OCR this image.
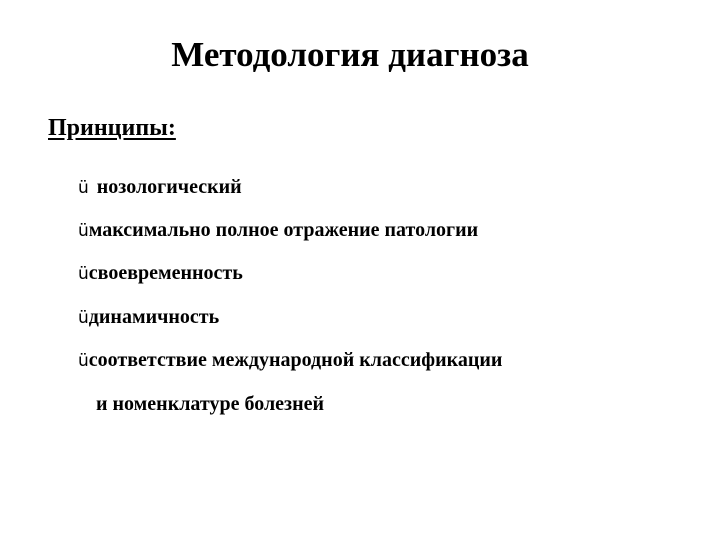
Методология диагноза
Принципы:
ü нозологический
üмаксимально полное отражение патологии
üсвоевременность
üдинамичность
üсоответствие международной классификации
и номенклатуре болезней
